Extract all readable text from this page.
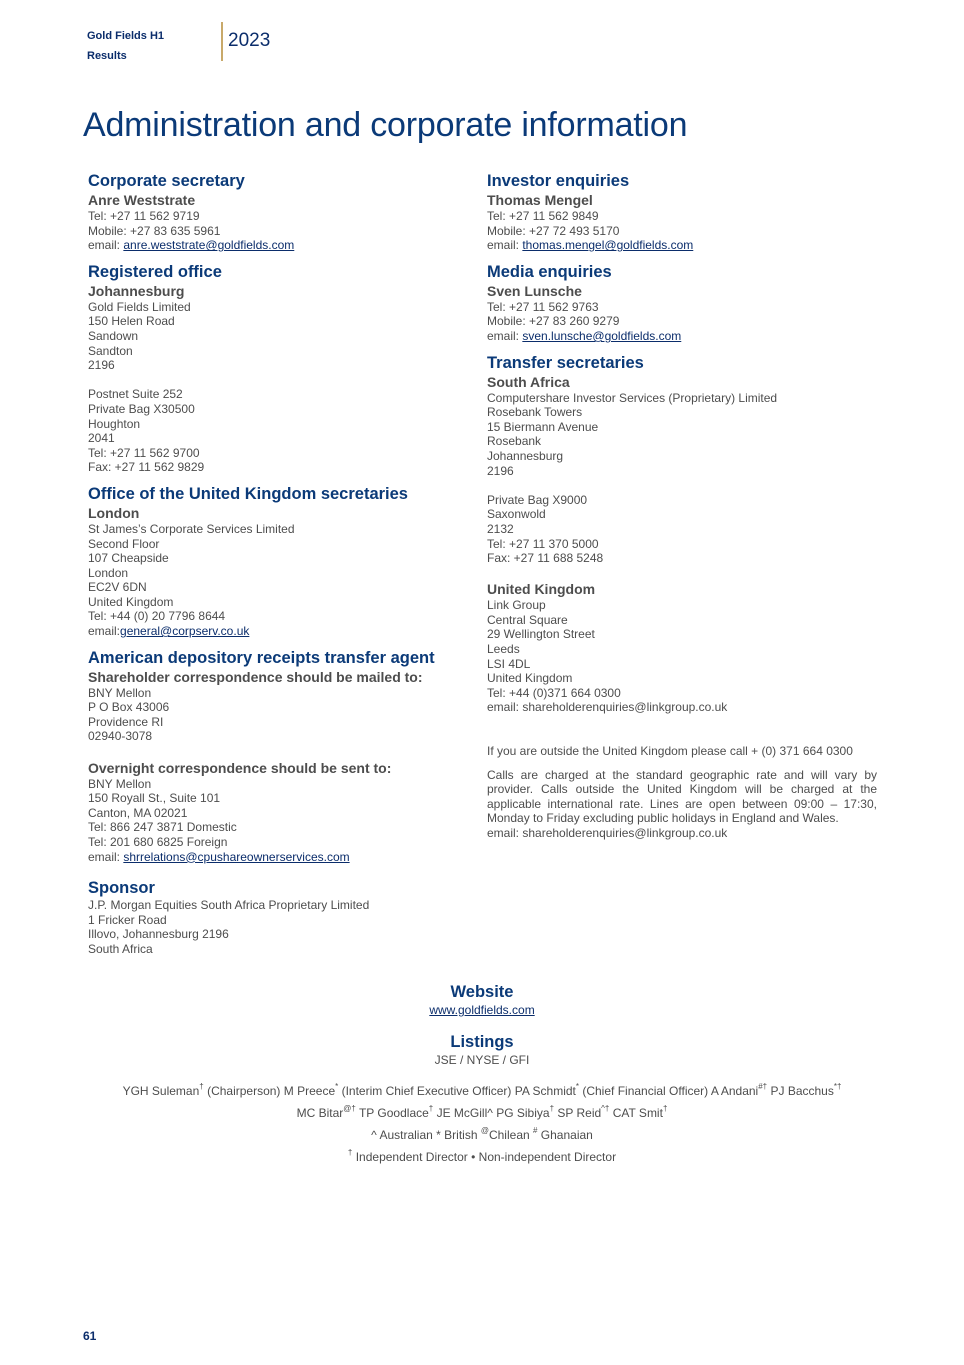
Gold Fields H1
Results
2023
Administration and corporate information
Corporate secretary
Anre Weststrate
Tel: +27 11 562 9719
Mobile: +27 83 635 5961
email: anre.weststrate@goldfields.com
Registered office
Johannesburg
Gold Fields Limited
150 Helen Road
Sandown
Sandton
2196
Postnet Suite 252
Private Bag X30500
Houghton
2041
Tel: +27 11 562 9700
Fax: +27 11 562 9829
Office of the United Kingdom secretaries
London
St James’s Corporate Services Limited
Second Floor
107 Cheapside
London
EC2V 6DN
United Kingdom
Tel: +44 (0) 20 7796 8644
email:general@corpserv.co.uk
American depository receipts transfer agent
Shareholder correspondence should be mailed to:
BNY Mellon
P O Box 43006
Providence RI
02940-3078
Overnight correspondence should be sent to:
BNY Mellon
150 Royall St., Suite 101
Canton, MA 02021
Tel: 866 247 3871 Domestic
Tel: 201 680 6825 Foreign
email: shrrelations@cpushareownerservices.com
Sponsor
J.P. Morgan Equities South Africa Proprietary Limited
1 Fricker Road
Illovo, Johannesburg 2196
South Africa
Investor enquiries
Thomas Mengel
Tel: +27 11 562 9849
Mobile: +27 72 493 5170
email: thomas.mengel@goldfields.com
Media enquiries
Sven Lunsche
Tel: +27 11 562 9763
Mobile: +27 83 260 9279
email: sven.lunsche@goldfields.com
Transfer secretaries
South Africa
Computershare Investor Services (Proprietary) Limited
Rosebank Towers
15 Biermann Avenue
Rosebank
Johannesburg
2196
Private Bag X9000
Saxonwold
2132
Tel: +27 11 370 5000
Fax: +27 11 688 5248
United Kingdom
Link Group
Central Square
29 Wellington Street
Leeds
LSI 4DL
United Kingdom
Tel: +44 (0)371 664 0300
email: shareholderenquiries@linkgroup.co.uk
If you are outside the United Kingdom please call + (0) 371 664 0300
Calls are charged at the standard geographic rate and will vary by provider. Calls outside the United Kingdom will be charged at the applicable international rate. Lines are open between 09:00 – 17:30, Monday to Friday excluding public holidays in England and Wales.
email: shareholderenquiries@linkgroup.co.uk
Website
www.goldfields.com
Listings
JSE / NYSE / GFI
YGH Suleman† (Chairperson) M Preece* (Interim Chief Executive Officer) PA Schmidt* (Chief Financial Officer) A Andani#† PJ Bacchus*†
MC Bitar@† TP Goodlace† JE McGill^ PG Sibiya† SP Reid^† CAT Smit†
^ Australian * British @Chilean # Ghanaian
† Independent Director • Non-independent Director
61
